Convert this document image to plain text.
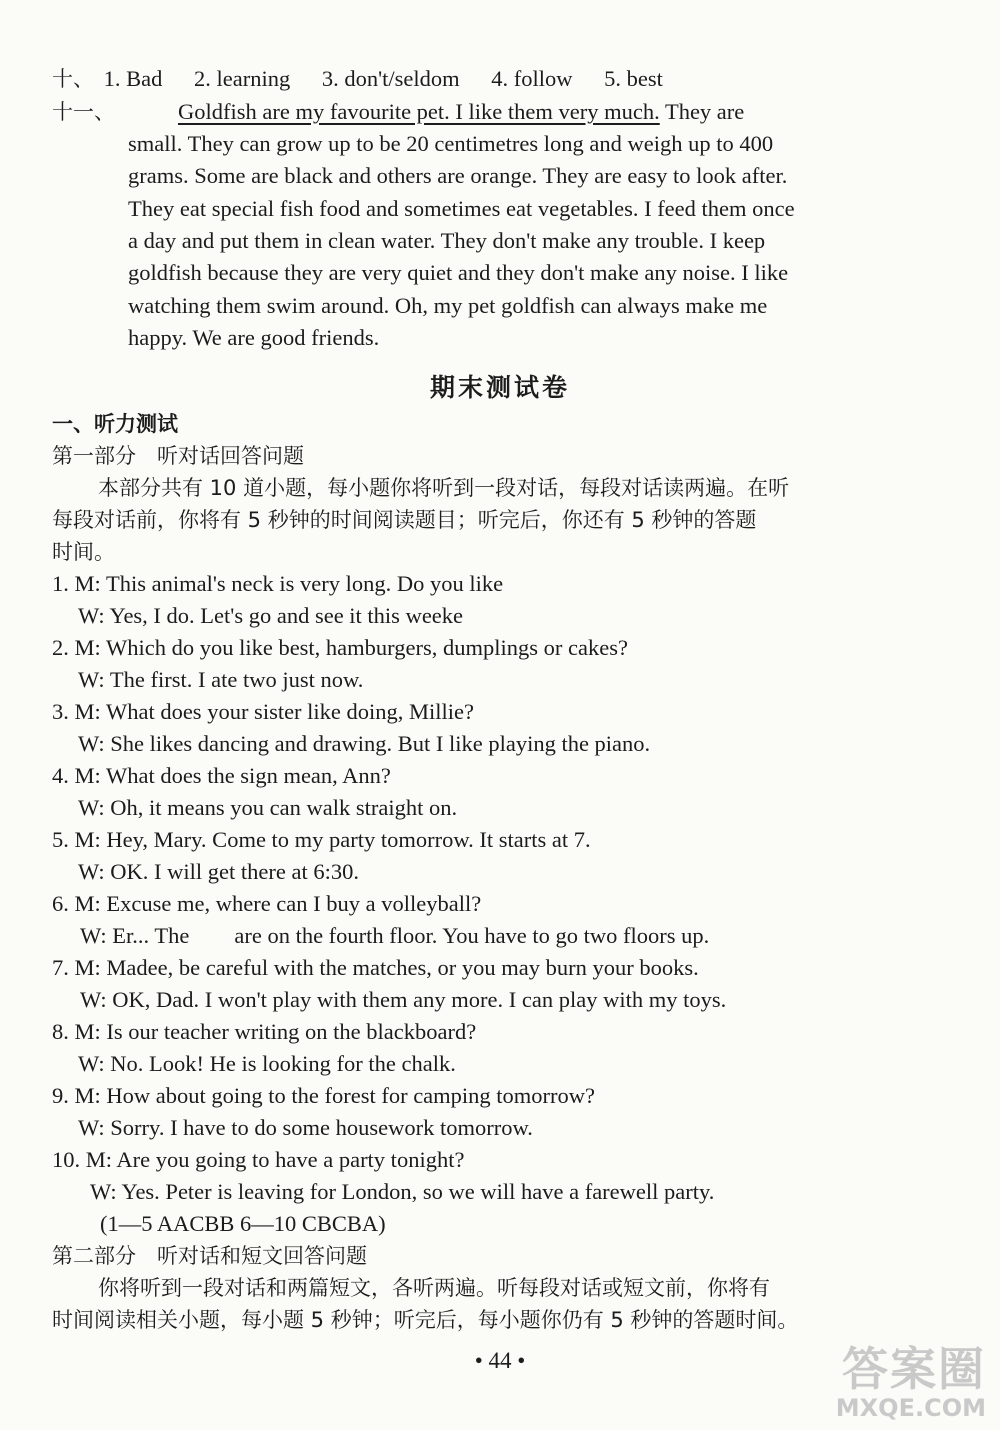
十、 1. Bad 2. learning 3. don't/seldom 4. follow 5. best
十一、	Goldfish are my favourite pet. I like them very much. They are
small. They can grow up to be 20 centimetres long and weigh up to 400
grams. Some are black and others are orange. They are easy to look after.
They eat special fish food and sometimes eat vegetables. I feed them once
a day and put them in clean water. They don't make any trouble. I keep
goldfish because they are very quiet and they don't make any noise. I like
watching them swim around. Oh, my pet goldfish can always make me
happy. We are good friends.
期末测试卷
一、听力测试
第一部分　听对话回答问题
本部分共有 10 道小题，每小题你将听到一段对话，每段对话读两遍。在听
每段对话前，你将有 5 秒钟的时间阅读题目；听完后，你还有 5 秒钟的答题
时间。
1. M: This animal's neck is very long. Do you like
W: Yes, I do. Let's go and see it this weeke
2. M: Which do you like best, hamburgers, dumplings or cakes?
W: The first. I ate two just now.
3. M: What does your sister like doing, Millie?
W: She likes dancing and drawing. But I like playing the piano.
4. M: What does the sign mean, Ann?
W: Oh, it means you can walk straight on.
5. M: Hey, Mary. Come to my party tomorrow. It starts at 7.
W: OK. I will get there at 6:30.
6. M: Excuse me, where can I buy a volleyball?
W: Er... The        are on the fourth floor. You have to go two floors up.
7. M: Madee, be careful with the matches, or you may burn your books.
W: OK, Dad. I won't play with them any more. I can play with my toys.
8. M: Is our teacher writing on the blackboard?
W: No. Look! He is looking for the chalk.
9. M: How about going to the forest for camping tomorrow?
W: Sorry. I have to do some housework tomorrow.
10. M: Are you going to have a party tonight?
W: Yes. Peter is leaving for London, so we will have a farewell party.
(1—5 AACBB 6—10 CBCBA)
第二部分　听对话和短文回答问题
你将听到一段对话和两篇短文，各听两遍。听每段对话或短文前，你将有
时间阅读相关小题，每小题 5 秒钟；听完后，每小题你仍有 5 秒钟的答题时间。
• 44 •	答案圈
MXQE.COM
